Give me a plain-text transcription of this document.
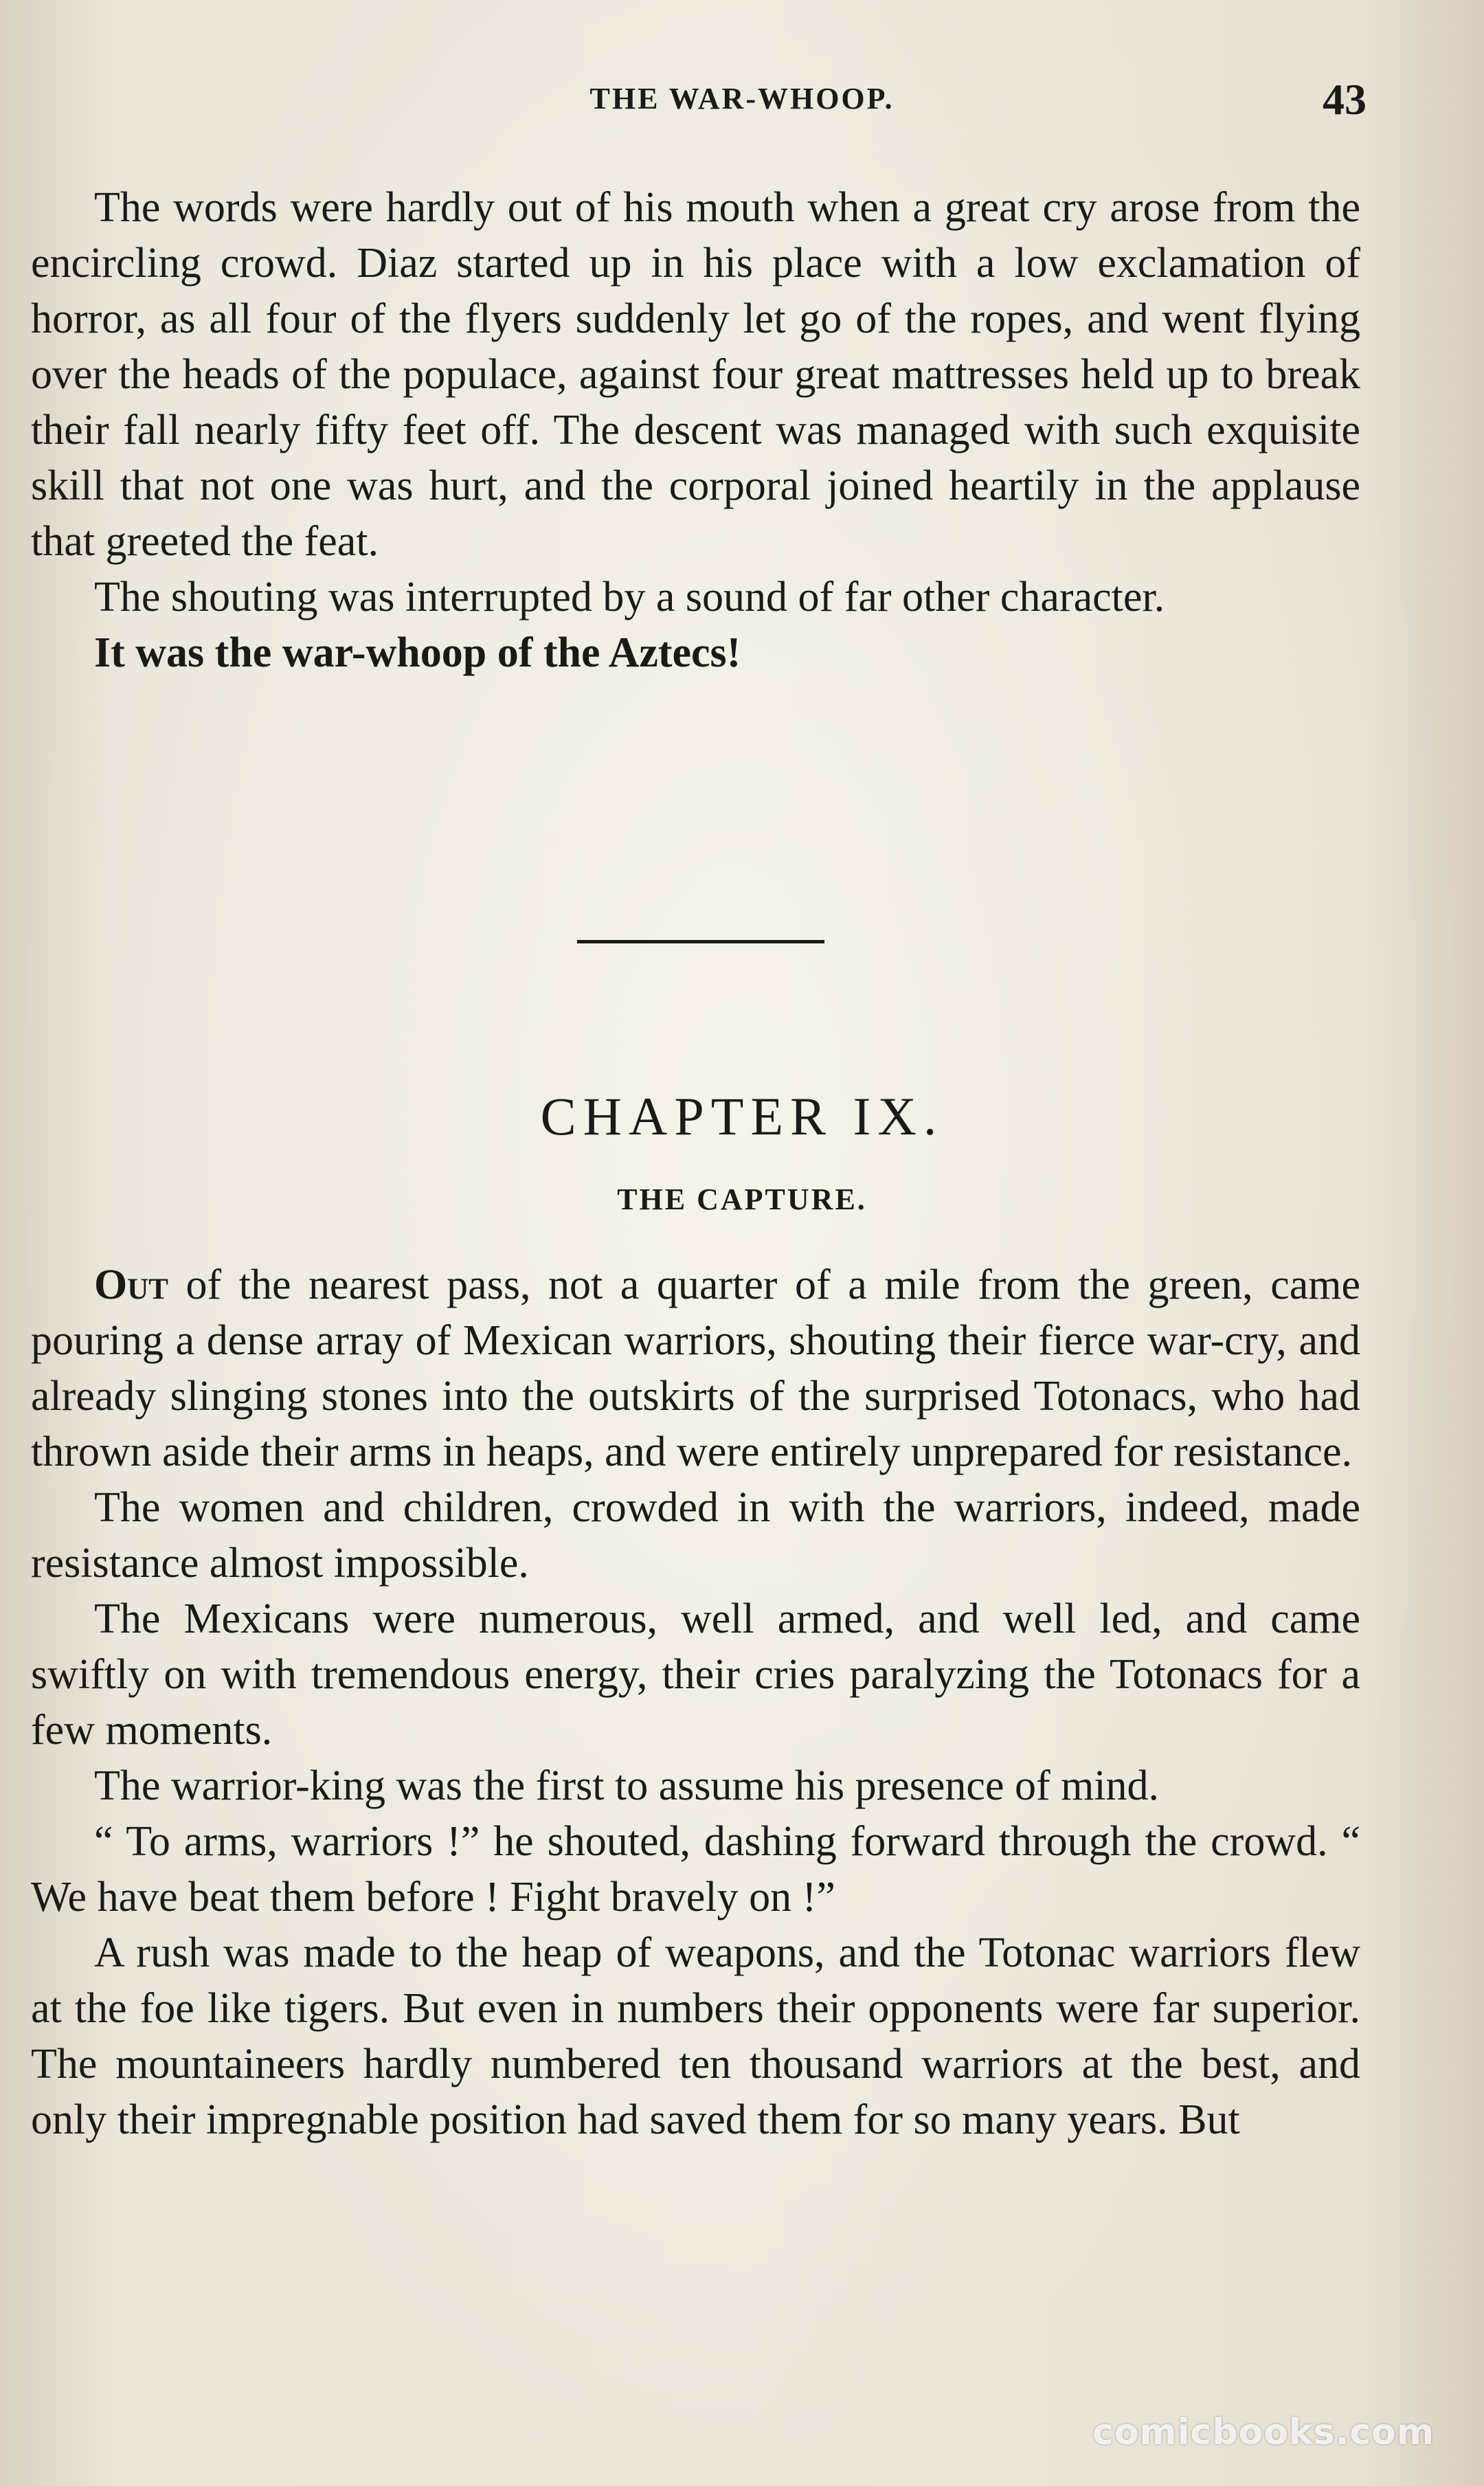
THE WAR-WHOOP.	43

The words were hardly out of his mouth when a great cry arose from the encircling crowd. Diaz started up in his place with a low exclamation of horror, as all four of the flyers suddenly let go of the ropes, and went flying over the heads of the populace, against four great mattresses held up to break their fall nearly fifty feet off. The descent was managed with such exquisite skill that not one was hurt, and the corporal joined heartily in the applause that greeted the feat.

The shouting was interrupted by a sound of far other character.

It was the war-whoop of the Aztecs!

CHAPTER IX.
THE CAPTURE.

Out of the nearest pass, not a quarter of a mile from the green, came pouring a dense array of Mexican warriors, shouting their fierce war-cry, and already slinging stones into the outskirts of the surprised Totonacs, who had thrown aside their arms in heaps, and were entirely unprepared for resistance.

The women and children, crowded in with the warriors, indeed, made resistance almost impossible.

The Mexicans were numerous, well armed, and well led, and came swiftly on with tremendous energy, their cries paralyzing the Totonacs for a few moments.

The warrior-king was the first to assume his presence of mind.

“ To arms, warriors !” he shouted, dashing forward through the crowd. “ We have beat them before ! Fight bravely on !”

A rush was made to the heap of weapons, and the Totonac warriors flew at the foe like tigers. But even in numbers their opponents were far superior. The mountaineers hardly numbered ten thousand warriors at the best, and only their impregnable position had saved them for so many years. But

comicbooks.com
